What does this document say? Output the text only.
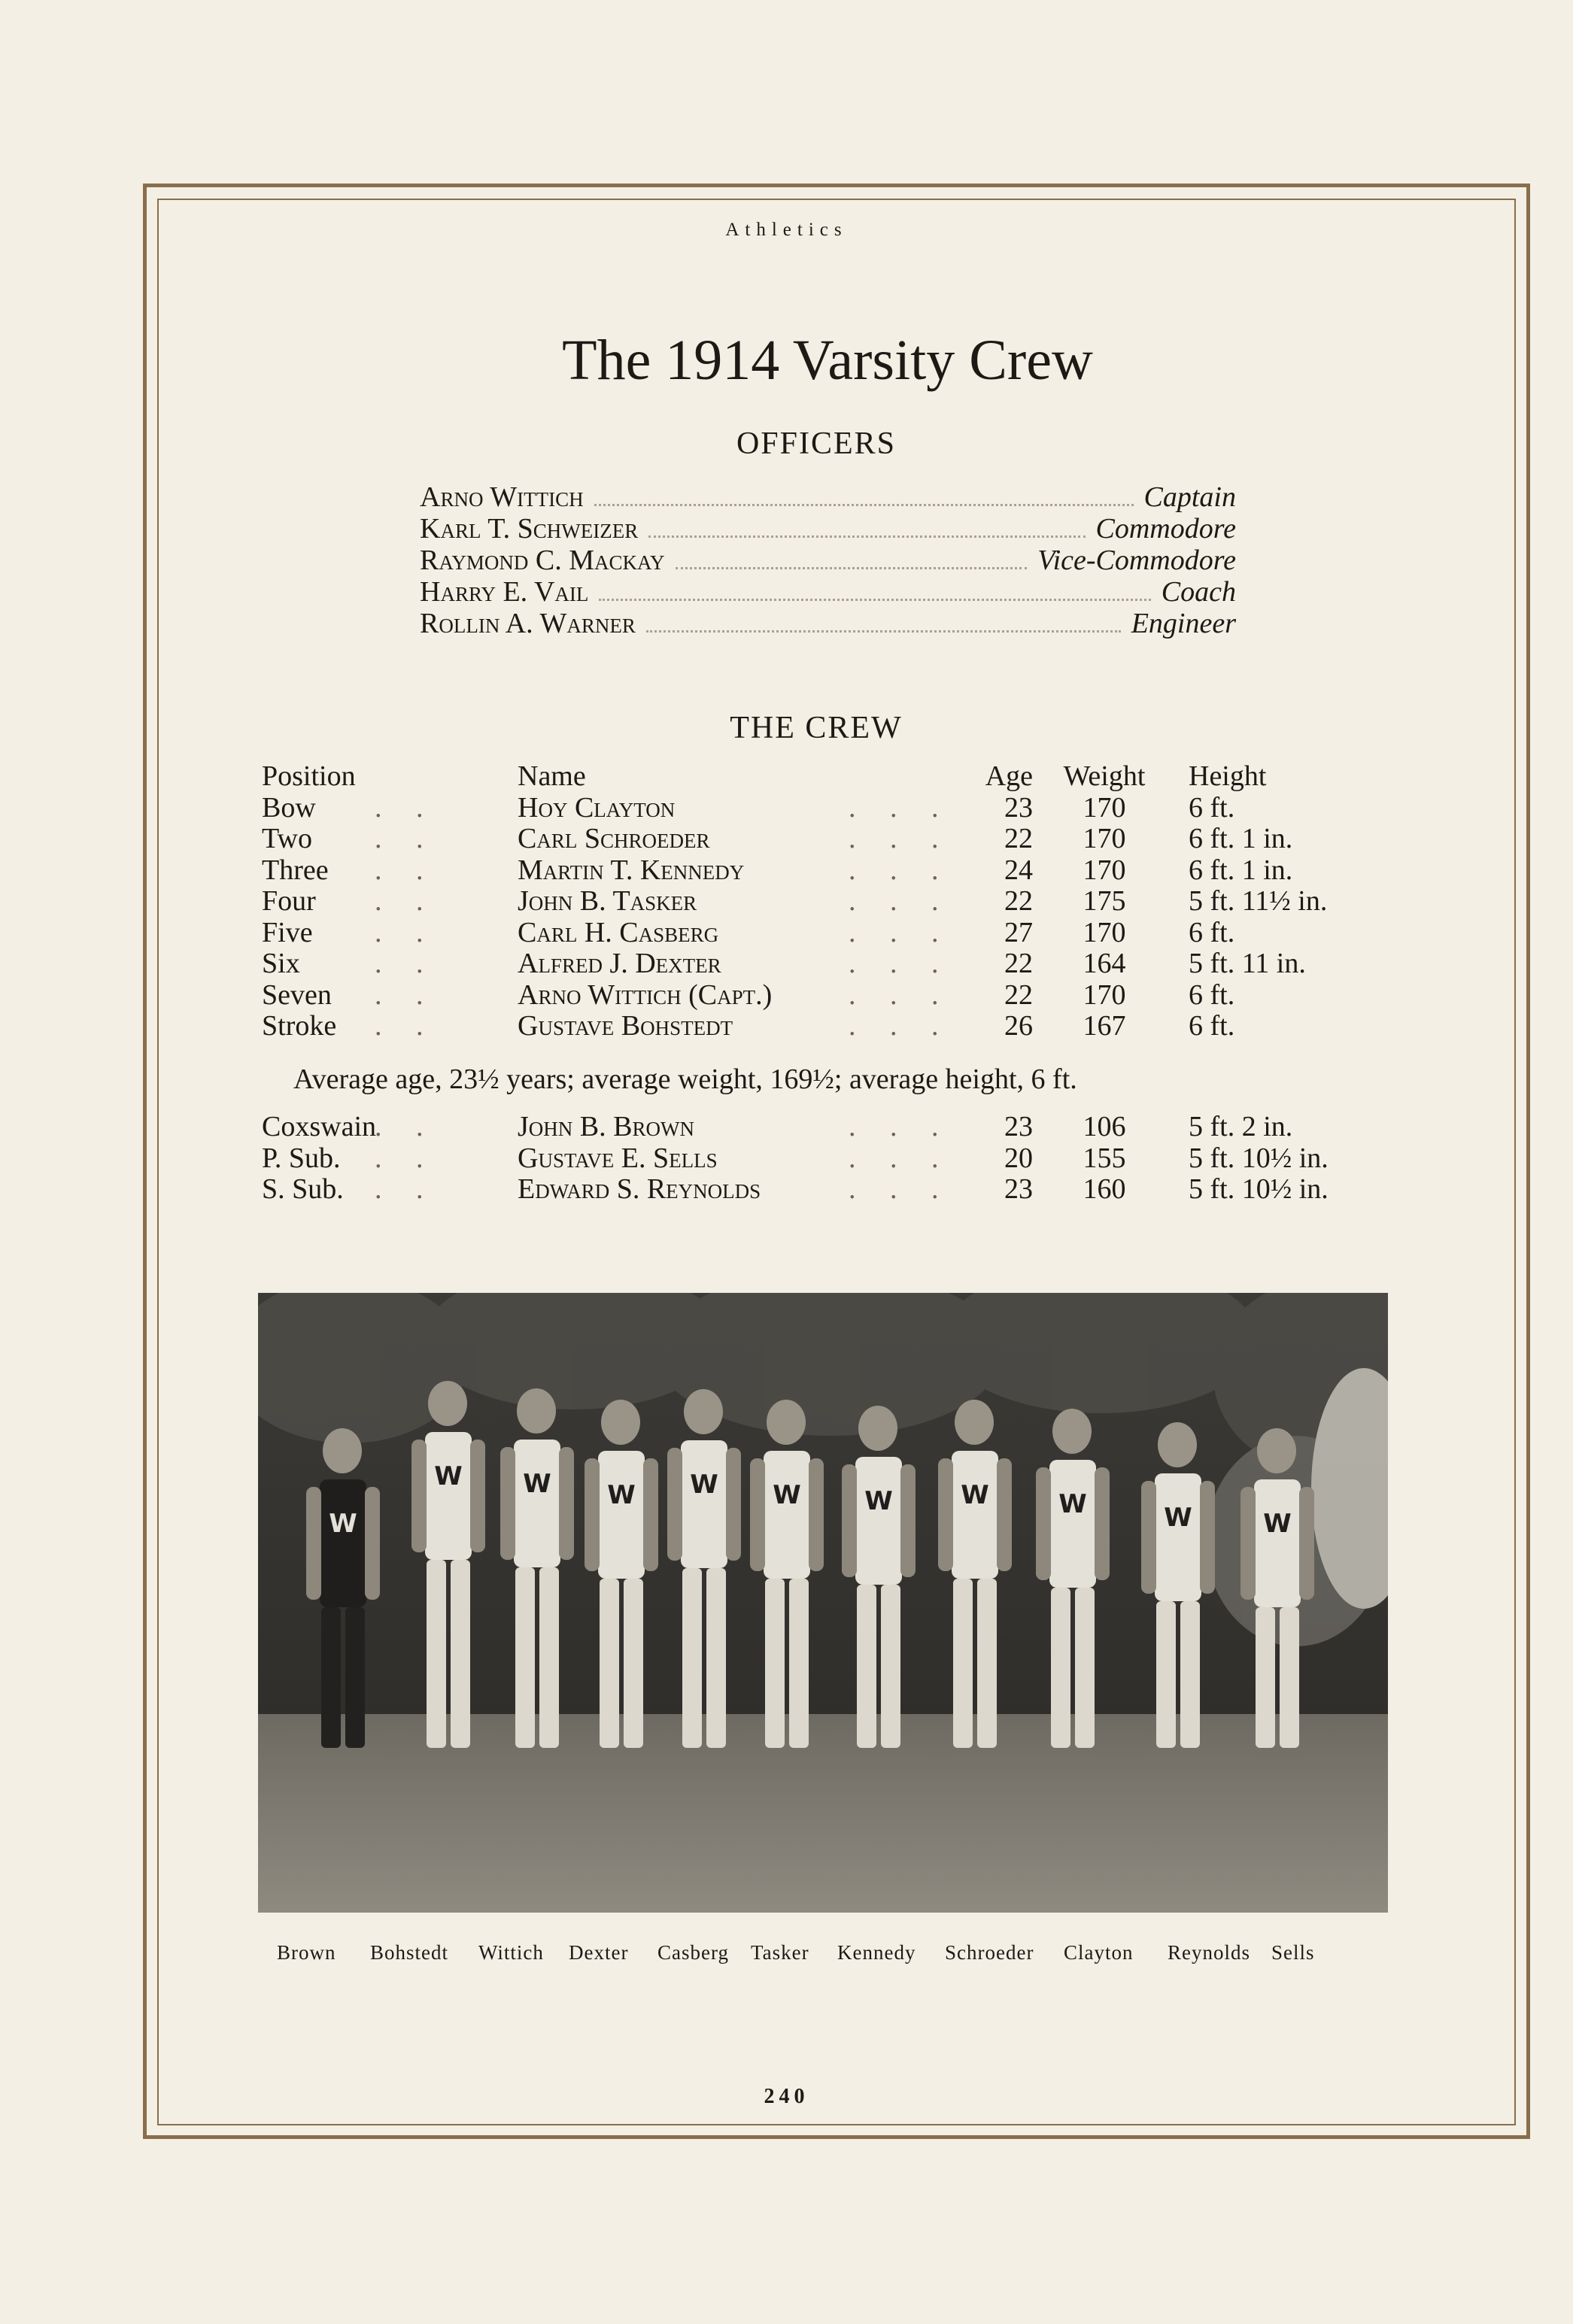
Athletics
The 1914 Varsity Crew
OFFICERS
Arno Wittich	Captain
Karl T. Schweizer	Commodore
Raymond C. Mackay	Vice-Commodore
Harry E. Vail	Coach
Rollin A. Warner	Engineer
THE CREW
Position	Name	Age	Weight	Height
Bow	Hoy Clayton	23	170	6 ft.
. .	. . .
Two	Carl Schroeder	22	170	6 ft. 1 in.
. .	. . .
Three	Martin T. Kennedy	24	170	6 ft. 1 in.
. .	. . .
Four	John B. Tasker	22	175	5 ft. 11½ in.
. .	. . .
Five	Carl H. Casberg	27	170	6 ft.
. .	. . .
Six	Alfred J. Dexter	22	164	5 ft. 11 in.
. .	. . .
Seven	Arno Wittich (Capt.)	22	170	6 ft.
. .	. . .
Stroke	Gustave Bohstedt	26	167	6 ft.
. .	. . .
Average age, 23½ years; average weight, 169½; average height, 6 ft.
Coxswain	John B. Brown	23	106	5 ft. 2 in.
. .	. . .
P. Sub.	Gustave E. Sells	20	155	5 ft. 10½ in.
. .	. . .
S. Sub.	Edward S. Reynolds	23	160	5 ft. 10½ in.
. .	. . .
W
W W W W W W	W	W	W	W
Brown Bohstedt Wittich Dexter Casberg Tasker Kennedy Schroeder Clayton Reynolds Sells
240
